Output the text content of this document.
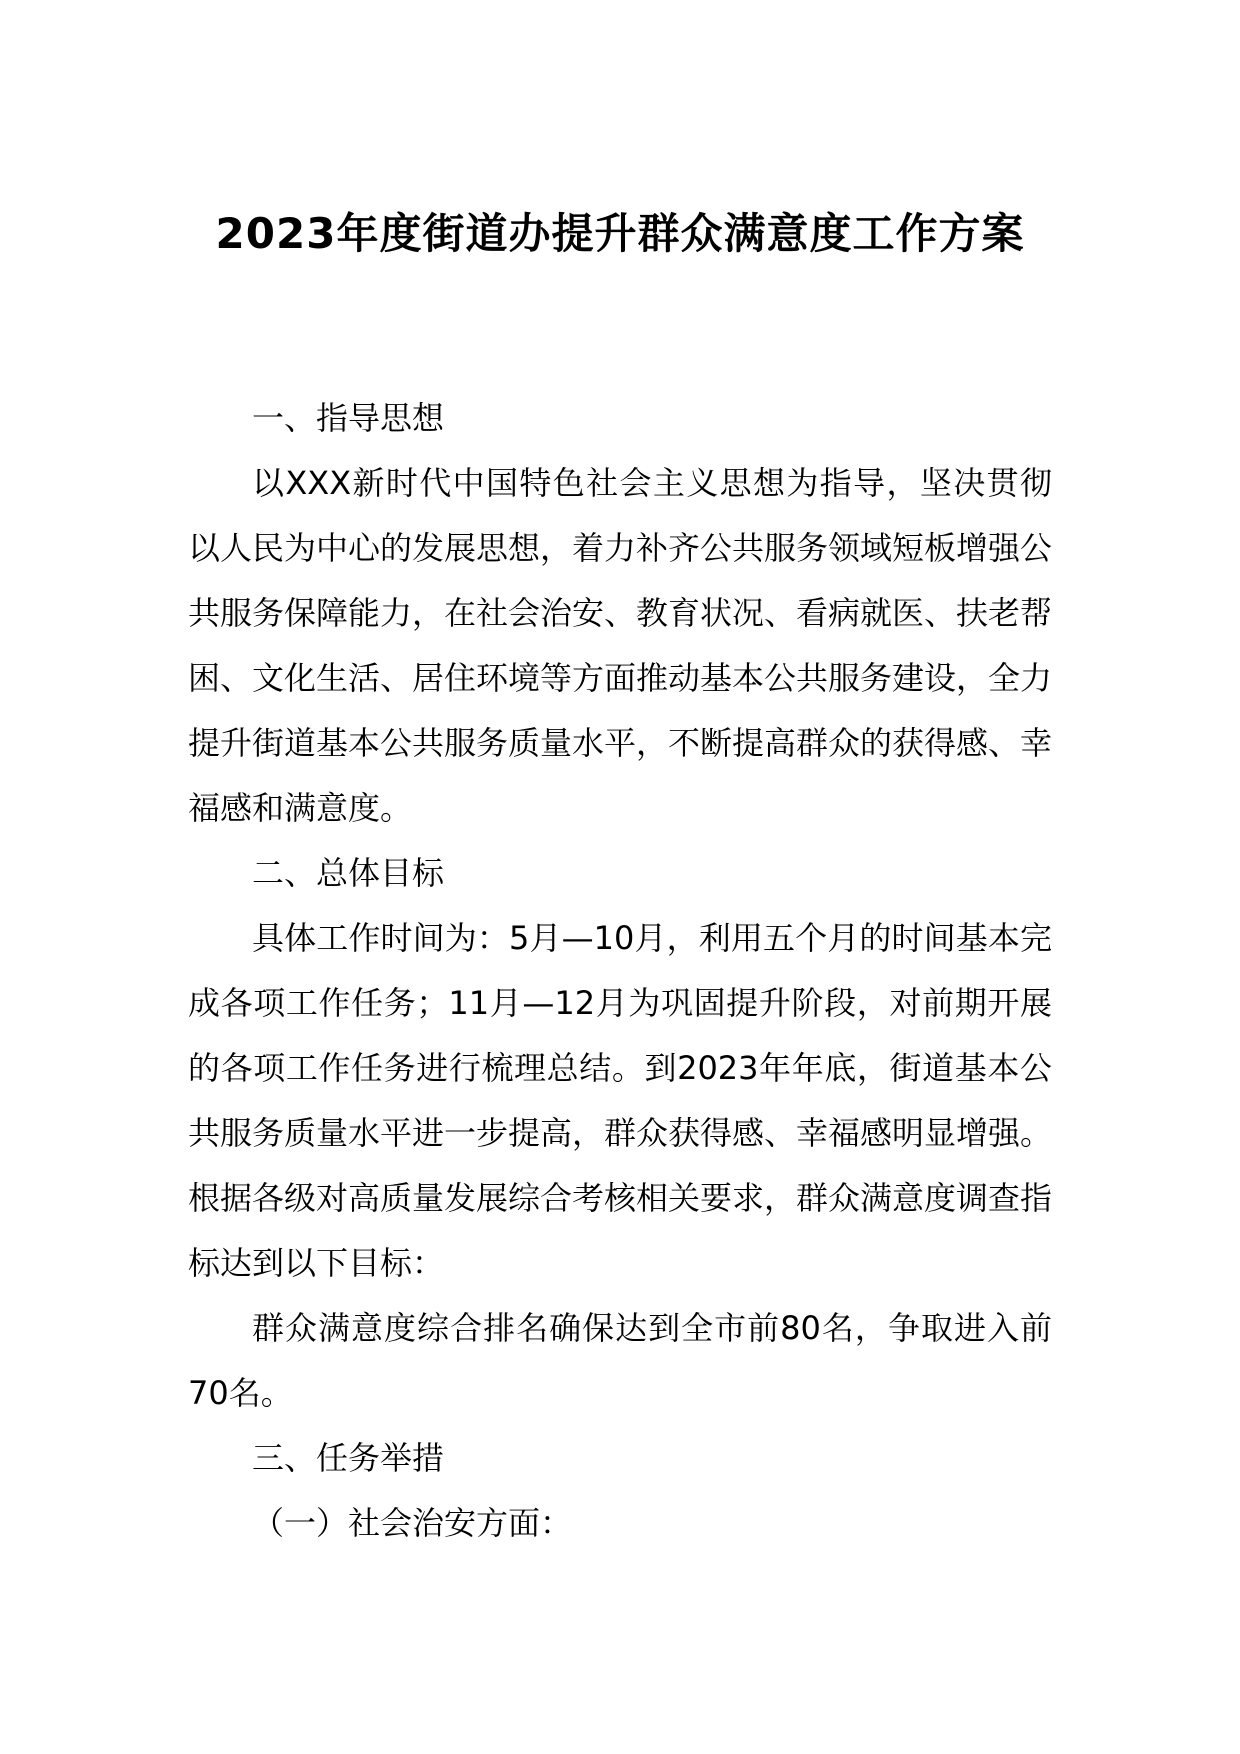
2023年度街道办提升群众满意度工作方案

一、指导思想

以XXX新时代中国特色社会主义思想为指导，坚决贯彻以人民为中心的发展思想，着力补齐公共服务领域短板增强公共服务保障能力，在社会治安、教育状况、看病就医、扶老帮困、文化生活、居住环境等方面推动基本公共服务建设，全力提升街道基本公共服务质量水平，不断提高群众的获得感、幸福感和满意度。

二、总体目标

具体工作时间为：5月—10月，利用五个月的时间基本完成各项工作任务；11月—12月为巩固提升阶段，对前期开展的各项工作任务进行梳理总结。到2023年年底，街道基本公共服务质量水平进一步提高，群众获得感、幸福感明显增强。根据各级对高质量发展综合考核相关要求，群众满意度调查指标达到以下目标：

群众满意度综合排名确保达到全市前80名，争取进入前70名。

三、任务举措

（一）社会治安方面：
